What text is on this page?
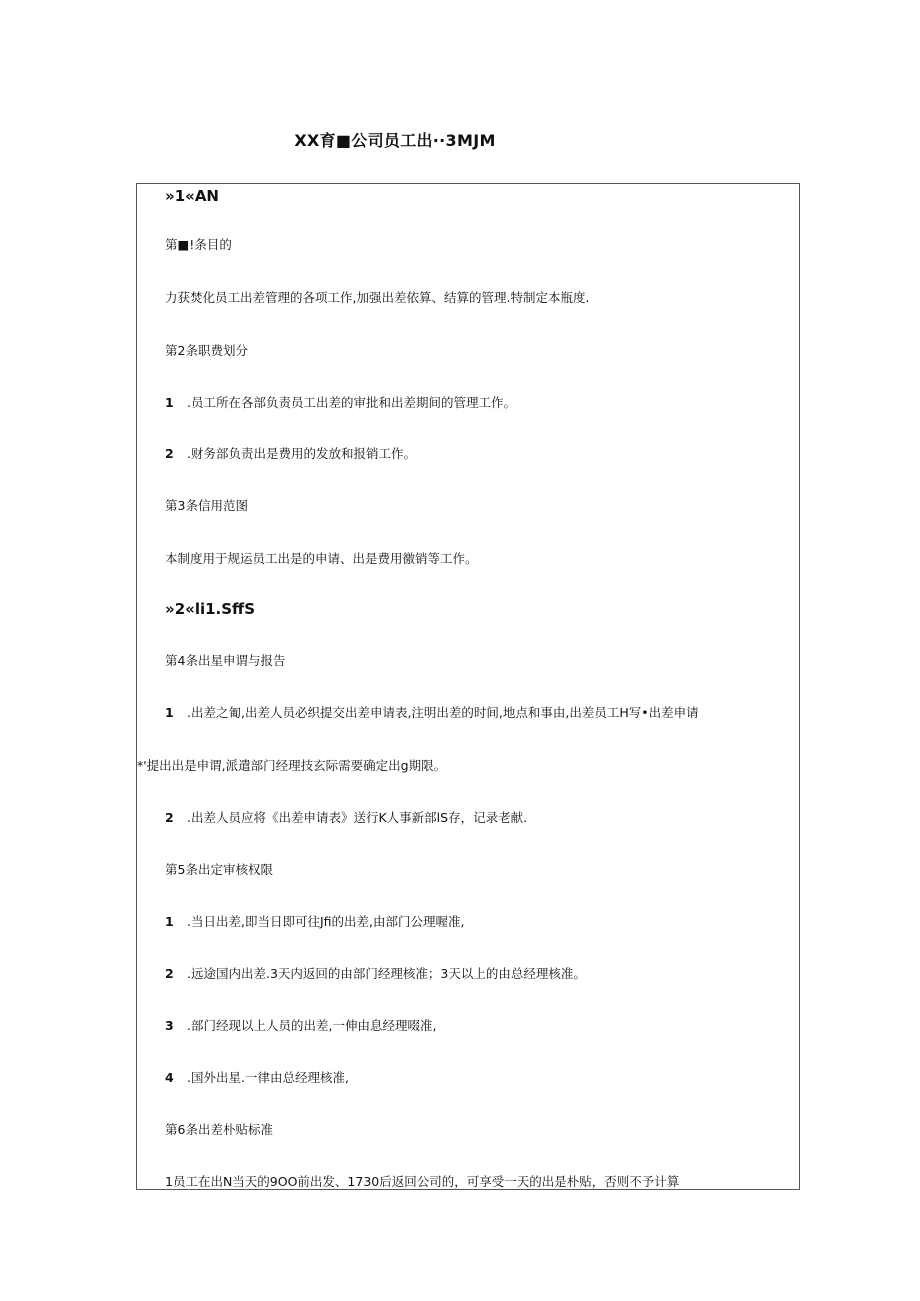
XX育■公司员工出··3MJM
»1«AN
第■!条目的
力获焚化员工出差管理的各项工作,加强出差依算、结算的管理.特制定本瓶度.
第2条职费划分
1 .员工所在各部负责员工出差的审批和出差期间的管理工作。
2 .财务部负责出是费用的发放和报销工作。
第3条信用范图
本制度用于规运员工出是的申请、出是费用徼销等工作。
»2«li1.SffS
第4条出星申谓与报告
1 .出差之匍,出差人员必织提交出差申请表,注明出差的时间,地点和事由,出差员工H写•出差申请
*'提出出是申谓,派遣部门经理技玄际需要确定出g期限。
2 .出差人员应将《出差申请表》送行K人事新部lS存，记录老献.
第5条出定审核权限
1 .当日出差,即当日即可往Jfi的出差,由部门公理喔准,
2 .远途国内出差.3天内返回的由部门经理核准；3天以上的由总经理核准。
3 .部门经现以上人员的出差,一伸由息经理啜准,
4 .国外出星.一律由总经理核准,
第6条出差朴贴标准
1员工在出N当天的9OO前出发、1730后返回公司的，可享受一天的出是朴贴，否则不予计算
